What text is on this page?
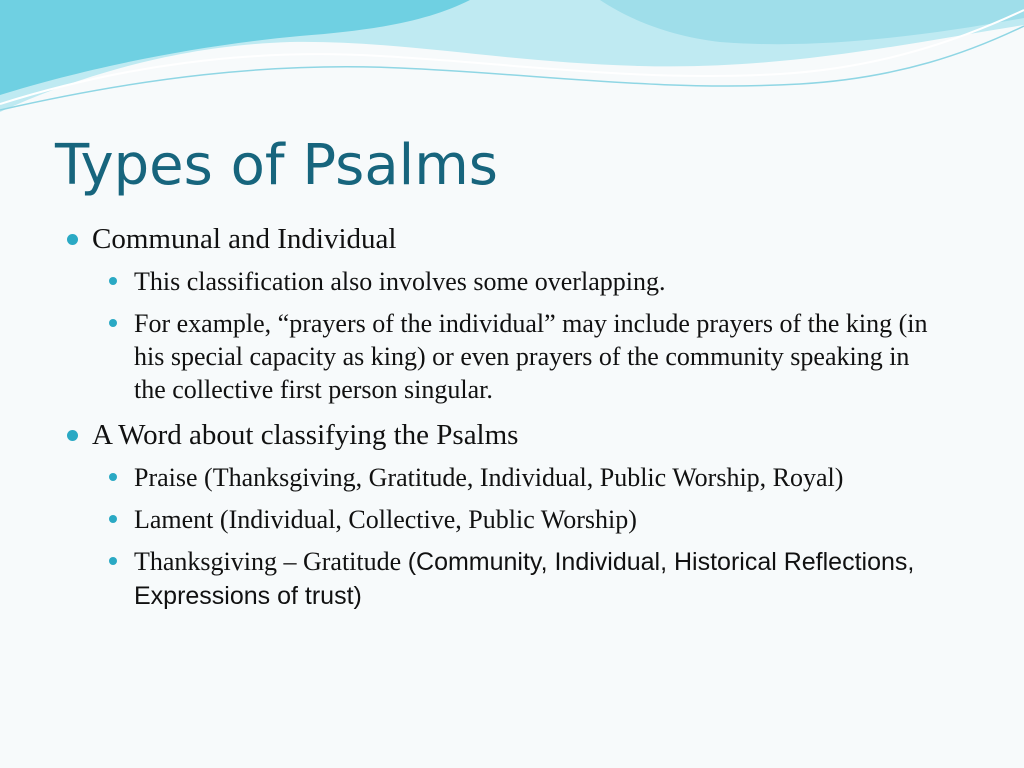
Types of Psalms
Communal and Individual
This classification also involves some overlapping.
For example, “prayers of the individual” may include prayers of the king (in his special capacity as king) or even prayers of the community speaking in the collective first person singular.
A Word about classifying the Psalms
Praise (Thanksgiving, Gratitude, Individual, Public Worship, Royal)
Lament (Individual, Collective, Public Worship)
Thanksgiving – Gratitude (Community, Individual, Historical Reflections, Expressions of trust)
